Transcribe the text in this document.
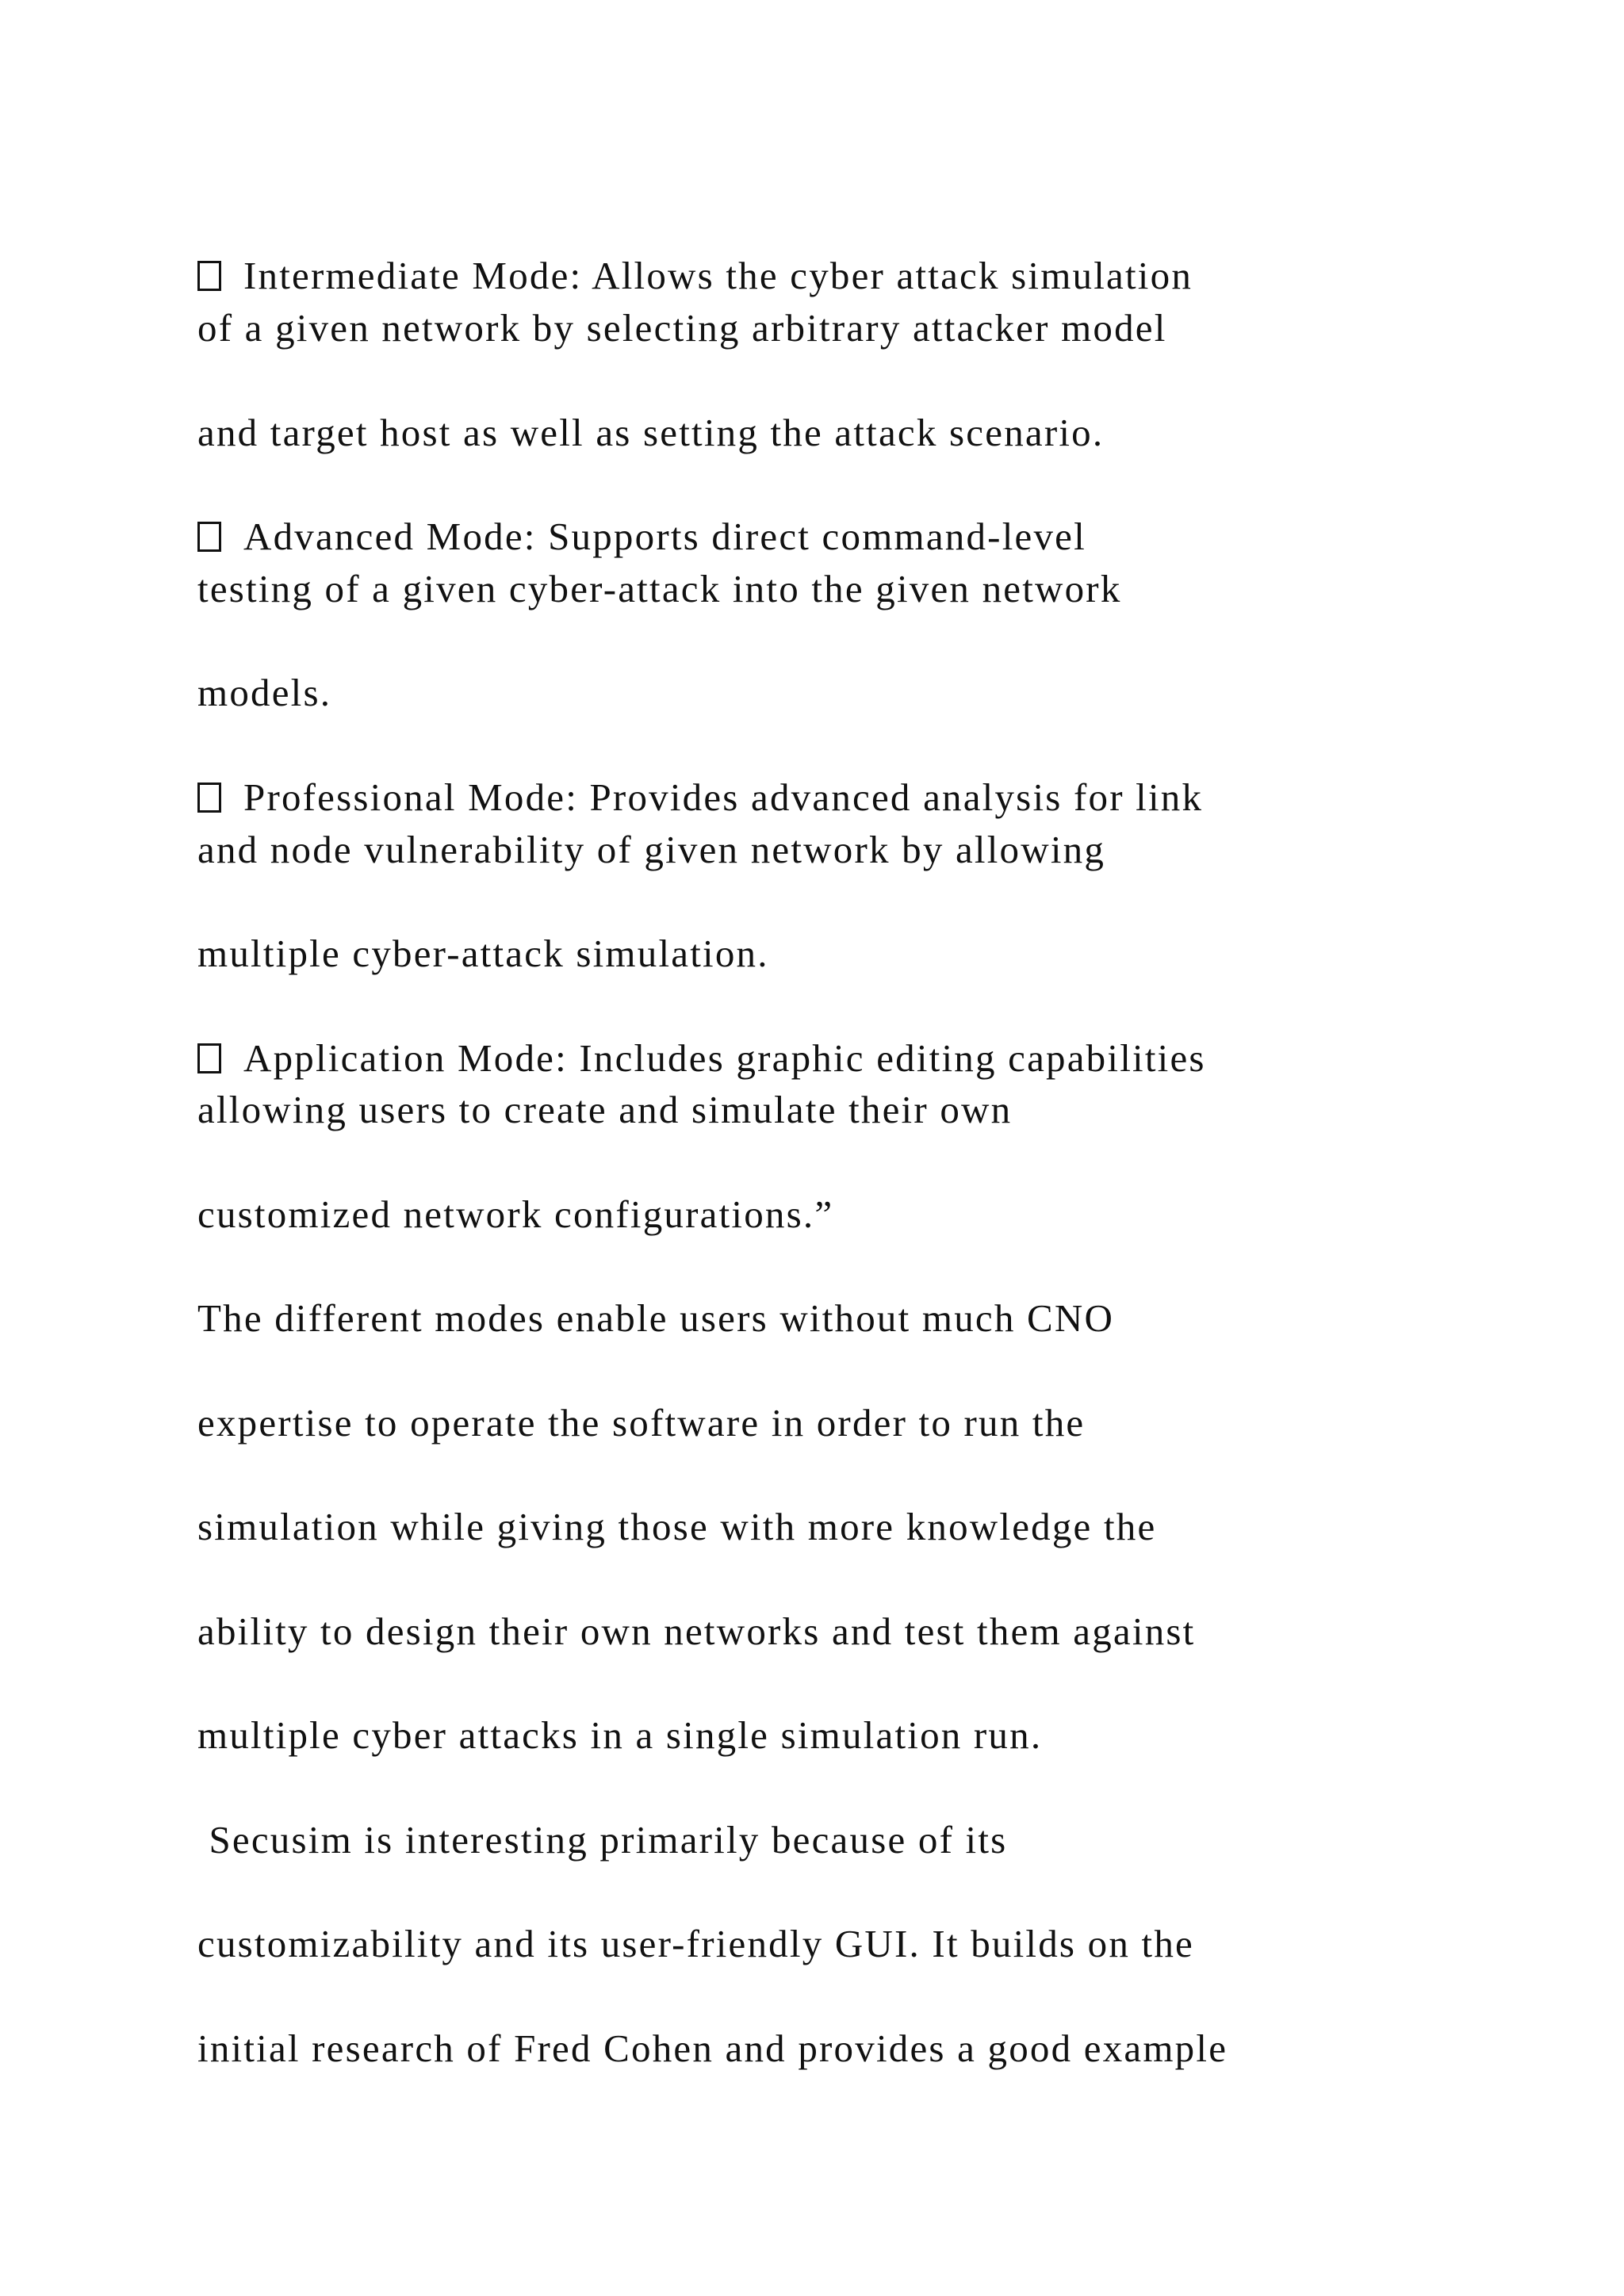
Intermediate Mode: Allows the cyber attack simulation
of a given network by selecting arbitrary attacker model
and target host as well as setting the attack scenario.
Advanced Mode: Supports direct command-level
testing of a given cyber-attack into the given network
models.
Professional Mode: Provides advanced analysis for link
and node vulnerability of given network by allowing
multiple cyber-attack simulation.
Application Mode: Includes graphic editing capabilities
allowing users to create and simulate their own
customized network configurations.”
The different modes enable users without much CNO
expertise to operate the software in order to run the
simulation while giving those with more knowledge the
ability to design their own networks and test them against
multiple cyber attacks in a single simulation run.
Secusim is interesting primarily because of its
customizability and its user-friendly GUI. It builds on the
initial research of Fred Cohen and provides a good example
